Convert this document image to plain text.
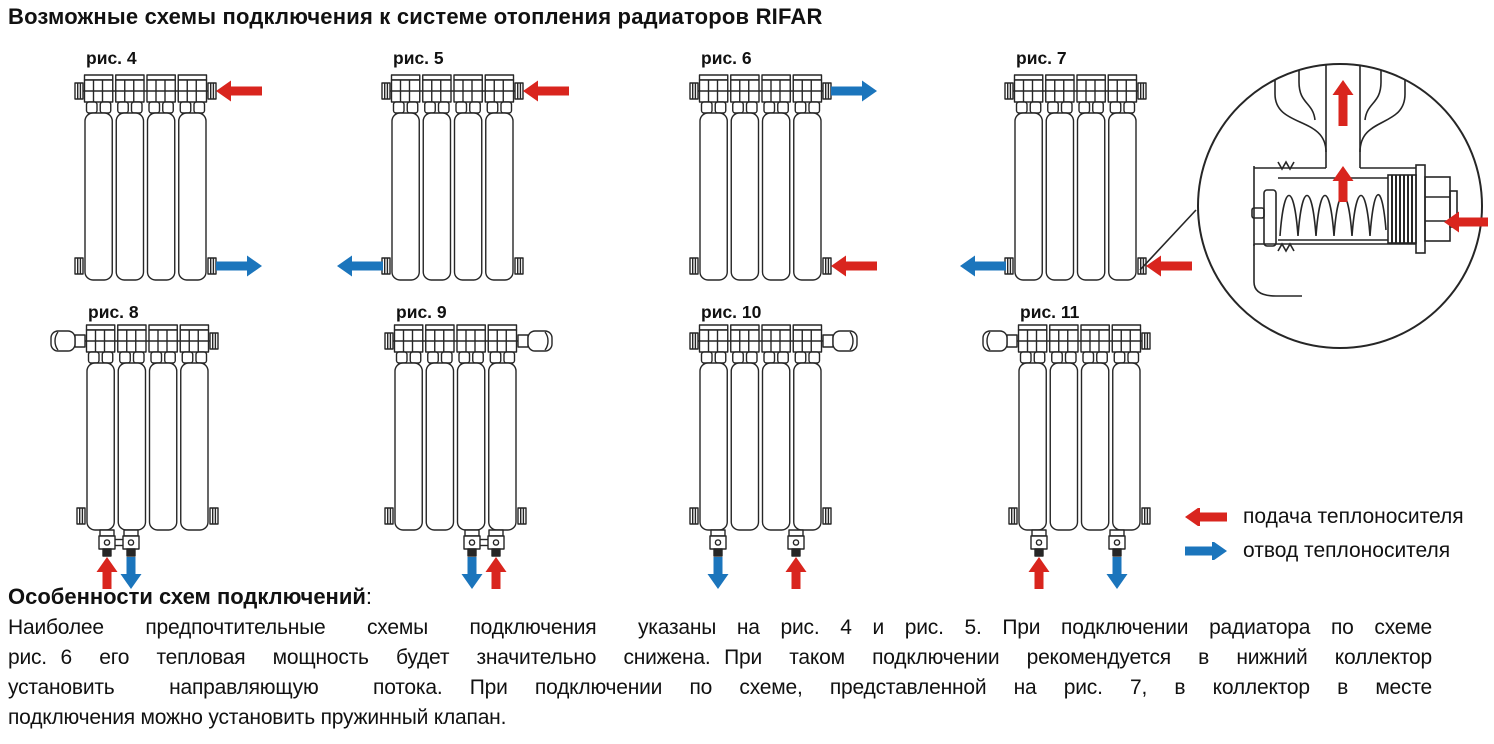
Возможные схемы подключения к системе отопления радиаторов RIFAR
рис. 4	рис. 5	рис. 6	рис. 7
рис. 8	рис. 9	рис. 10	рис. 11
подача теплоносителя
отвод теплоносителя
Особенности схем подключений:
Наиболее  предпочтительные  схемы  подключения  указаны на рис. 4 и рис. 5. При подключении радиатора по схеме
рис. 6  его  тепловая  мощность  будет  значительно  снижена. При  таком  подключении  рекомендуется  в  нижний  коллектор
установить  направляющую  потока. При подключении по схеме, представленной на рис. 7, в коллектор в месте
подключения можно установить пружинный клапан.
